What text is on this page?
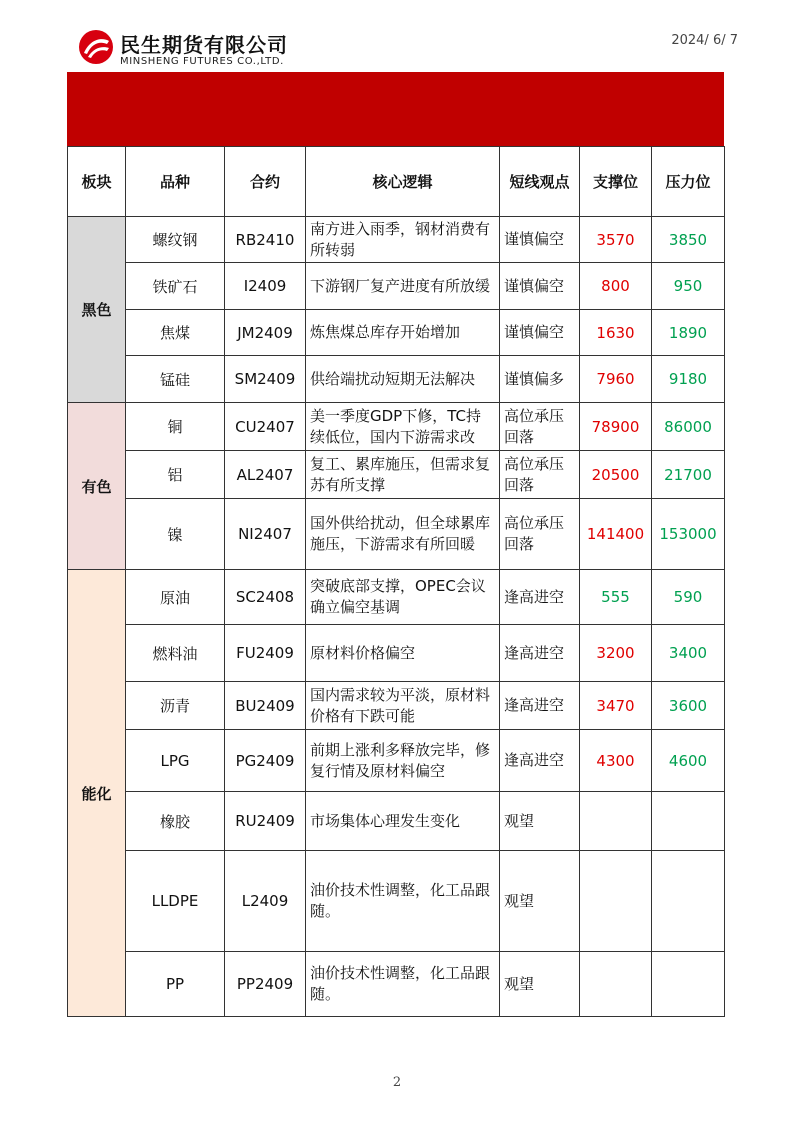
民生期货有限公司
MINSHENG FUTURES CO.,LTD.
2024/ 6/ 7
板块	品种	合约	核心逻辑	短线观点	支撑位	压力位
黑色	螺纹钢	RB2410	南方进入雨季，钢材消费有所转弱	谨慎偏空	3570	3850
	铁矿石	I2409	下游钢厂复产进度有所放缓	谨慎偏空	800	950
	焦煤	JM2409	炼焦煤总库存开始增加	谨慎偏空	1630	1890
	锰硅	SM2409	供给端扰动短期无法解决	谨慎偏多	7960	9180
有色	铜	CU2407	美一季度GDP下修，TC持续低位，国内下游需求改	高位承压回落	78900	86000
	铝	AL2407	复工、累库施压，但需求复苏有所支撑	高位承压回落	20500	21700
	镍	NI2407	国外供给扰动，但全球累库施压，下游需求有所回暖	高位承压回落	141400	153000
能化	原油	SC2408	突破底部支撑，OPEC会议确立偏空基调	逢高进空	555	590
	燃料油	FU2409	原材料价格偏空	逢高进空	3200	3400
	沥青	BU2409	国内需求较为平淡，原材料价格有下跌可能	逢高进空	3470	3600
	LPG	PG2409	前期上涨利多释放完毕，修复行情及原材料偏空	逢高进空	4300	4600
	橡胶	RU2409	市场集体心理发生变化	观望		
	LLDPE	L2409	油价技术性调整，化工品跟随。	观望		
	PP	PP2409	油价技术性调整，化工品跟随。	观望		
2
